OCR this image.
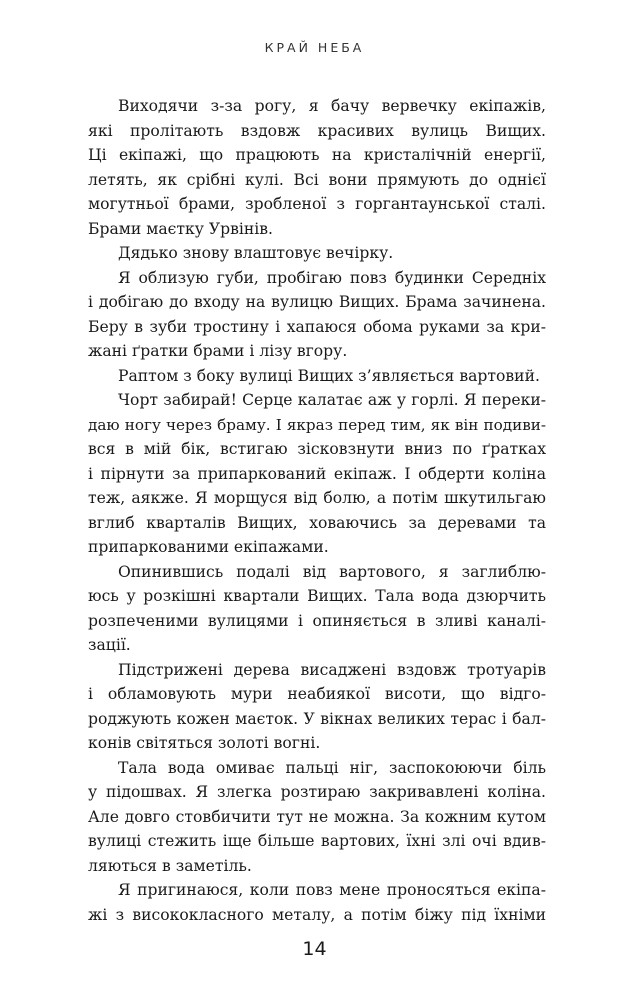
КРАЙ НЕБА
Виходячи з-за рогу, я бачу вервечку екіпажів,
які пролітають вздовж красивих вулиць Вищих.
Ці екіпажі, що працюють на кристалічній енергії,
летять, як срібні кулі. Всі вони прямують до однієї
могутньої брами, зробленої з горгантаунської сталі.
Брами маєтку Урвінів.
Дядько знову влаштовує вечірку.
Я облизую губи, пробігаю повз будинки Середніх
і добігаю до входу на вулицю Вищих. Брама зачинена.
Беру в зуби тростину і хапаюся обома руками за кри-
жані ґратки брами і лізу вгору.
Раптом з боку вулиці Вищих з’являється вартовий.
Чорт забирай! Серце калатає аж у горлі. Я переки-
даю ногу через браму. І якраз перед тим, як він подиви-
вся в мій бік, встигаю зісковзнути вниз по ґратках
і пірнути за припаркований екіпаж. І обдерти коліна
теж, аякже. Я морщуся від болю, а потім шкутильгаю
вглиб кварталів Вищих, ховаючись за деревами та
припаркованими екіпажами.
Опинившись подалі від вартового, я заглиблю-
юсь у розкішні квартали Вищих. Тала вода дзюрчить
розпеченими вулицями і опиняється в зливі каналі-
зації.
Підстрижені дерева висаджені вздовж тротуарів
і обламовують мури неабиякої висоти, що відго-
роджують кожен маєток. У вікнах великих терас і бал-
конів світяться золоті вогні.
Тала вода омиває пальці ніг, заспокоюючи біль
у підошвах. Я злегка розтираю закривавлені коліна.
Але довго стовбичити тут не можна. За кожним кутом
вулиці стежить іще більше вартових, їхні злі очі вдив-
ляються в заметіль.
Я пригинаюся, коли повз мене проносяться екіпа-
жі з висококласного металу, а потім біжу під їхніми
14
